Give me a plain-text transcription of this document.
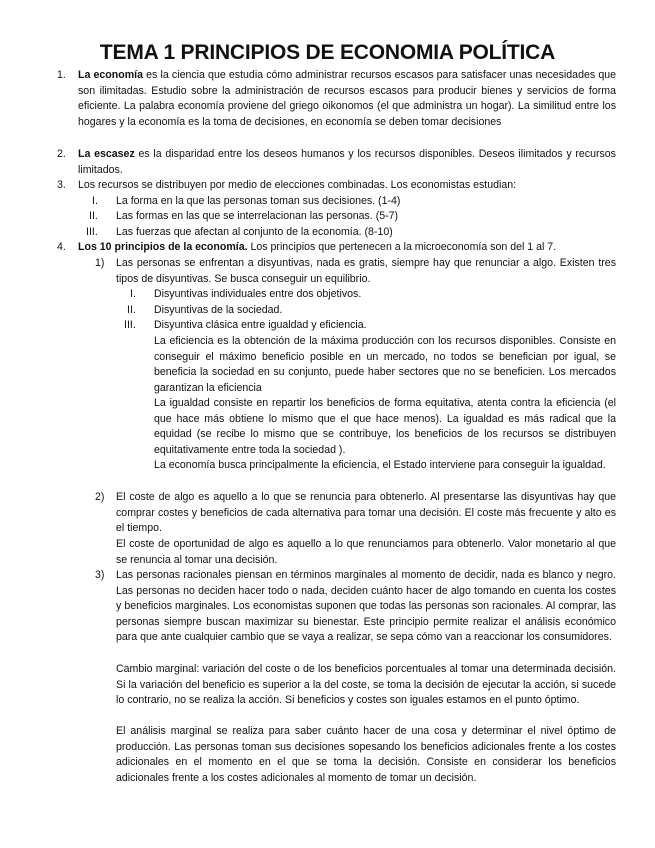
TEMA 1 PRINCIPIOS DE ECONOMIA POLÍTICA
1. La economía es la ciencia que estudia cómo administrar recursos escasos para satisfacer unas necesidades que son ilimitadas. Estudio sobre la administración de recursos escasos para producir bienes y servicios de forma eficiente. La palabra economía proviene del griego oikonomos (el que administra un hogar). La similitud entre los hogares y la economía es la toma de decisiones, en economía se deben tomar decisiones
2. La escasez es la disparidad entre los deseos humanos y los recursos disponibles. Deseos ilimitados y recursos limitados.
3. Los recursos se distribuyen por medio de elecciones combinadas. Los economistas estudian:
I. La forma en la que las personas toman sus decisiones. (1-4)
II. Las formas en las que se interrelacionan las personas. (5-7)
III. Las fuerzas que afectan al conjunto de la economía. (8-10)
4. Los 10 principios de la economía. Los principios que pertenecen a la microeconomía son del 1 al 7.
1) Las personas se enfrentan a disyuntivas, nada es gratis, siempre hay que renunciar a algo. Existen tres tipos de disyuntivas. Se busca conseguir un equilibrio.
I. Disyuntivas individuales entre dos objetivos.
II. Disyuntivas de la sociedad.
III. Disyuntiva clásica entre igualdad y eficiencia.
La eficiencia es la obtención de la máxima producción con los recursos disponibles. Consiste en conseguir el máximo beneficio posible en un mercado, no todos se benefician por igual, se beneficia la sociedad en su conjunto, puede haber sectores que no se beneficien. Los mercados garantizan la eficiencia
La igualdad consiste en repartir los beneficios de forma equitativa, atenta contra la eficiencia (el que hace más obtiene lo mismo que el que hace menos). La igualdad es más radical que la equidad (se recibe lo mismo que se contribuye, los beneficios de los recursos se distribuyen equitativamente entre toda la sociedad ).
La economía busca principalmente la eficiencia, el Estado interviene para conseguir la igualdad.
2) El coste de algo es aquello a lo que se renuncia para obtenerlo. Al presentarse las disyuntivas hay que comprar costes y beneficios de cada alternativa para tomar una decisión. El coste más frecuente y alto es el tiempo.
El coste de oportunidad de algo es aquello a lo que renunciamos para obtenerlo. Valor monetario al que se renuncia al tomar una decisión.
3) Las personas racionales piensan en términos marginales al momento de decidir, nada es blanco y negro. Las personas no deciden hacer todo o nada, deciden cuánto hacer de algo tomando en cuenta los costes y beneficios marginales. Los economistas suponen que todas las personas son racionales. Al comprar, las personas siempre buscan maximizar su bienestar. Este principio permite realizar el análisis económico para que ante cualquier cambio que se vaya a realizar, se sepa cómo van a reaccionar los consumidores.
Cambio marginal: variación del coste o de los beneficios porcentuales al tomar una determinada decisión. Si la variación del beneficio es superior a la del coste, se toma la decisión de ejecutar la acción, si sucede lo contrario, no se realiza la acción. Si beneficios y costes son iguales estamos en el punto óptimo.
El análisis marginal se realiza para saber cuánto hacer de una cosa y determinar el nivel óptimo de producción. Las personas toman sus decisiones sopesando los beneficios adicionales frente a los costes adicionales en el momento en el que se toma la decisión. Consiste en considerar los beneficios adicionales frente a los costes adicionales al momento de tomar un decisión.
